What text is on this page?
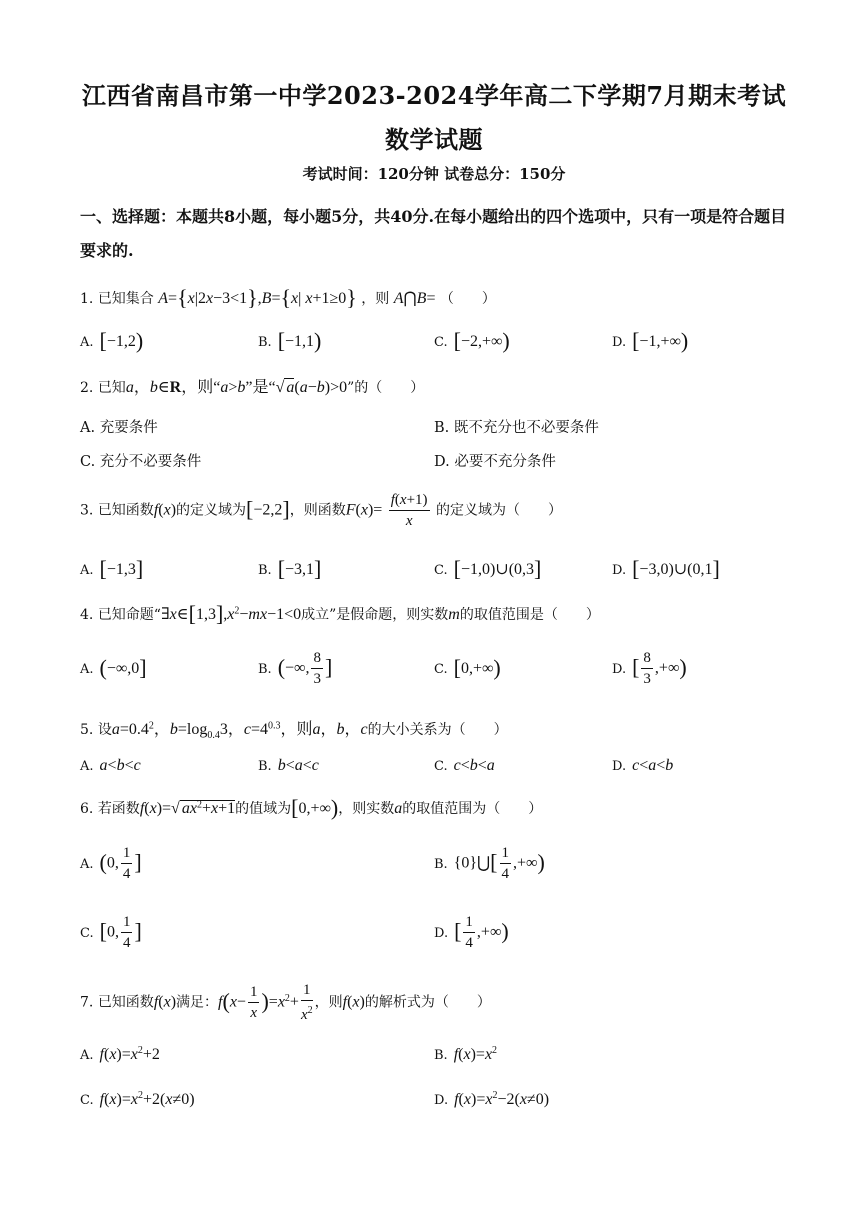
江西省南昌市第一中学2023-2024学年高二下学期7月期末考试
数学试题
考试时间：120分钟 试卷总分：150分
一、选择题：本题共8小题，每小题5分，共40分.在每小题给出的四个选项中，只有一项是符合题目要求的.
1. 已知集合 A={x|2x−3<1},B={x| x+1≥0} ，则 A⋂B= （　　）
A. [−1,2)	B. [−1,1)	C. [−2,+∞)	D. [−1,+∞)
2. 已知a，b∈R，则“a>b”是“√ a(a−b)>0”的（　　）
A. 充要条件	B. 既不充分也不必要条件
C. 充分不必要条件	D. 必要不充分条件
3. 已知函数f(x)的定义域为[−2,2]，则函数$F(x)= \frac{f(x+1)}{x}$ 的定义域为（　　）
A. [−1,3]	B. [−3,1]	C. [−1,0)∪(0,3]	D. [−3,0)∪(0,1]
4. 已知命题“$\exists x\in[1,3],x^2-mx-1<0$成立”是假命题，则实数m的取值范围是（　　）
A. (−∞,0]	B. (−∞, $\frac{8}{3}$ ]	C. [0,+∞)	D. [ $\frac{8}{3}$ ,+∞)
5. 设$a=0.4^2$，$b=\log_{0.4}3$，$c=4^{0.3}$，则a，b，c的大小关系为（　　）
A. a<b<c	B. b<a<c	C. c<b<a	D. c<a<b
6. 若函数f(x)=√ $ax^2+x+1$的值域为[0,+∞)，则实数a的取值范围为（　　）
A. (0, $\frac{1}{4}$ ]	B. {0}⋃[ $\frac{1}{4}$ ,+∞)
C. [0, $\frac{1}{4}$ ]	D. [ $\frac{1}{4}$ ,+∞)
7. 已知函数f(x)满足：$f(x- \frac{1}{x} )=x^2+ \frac{1}{x^2}$ ，则f(x)的解析式为（　　）
A. $f(x)=x^2+2$	B. $f(x)=x^2$
C. $f(x)=x^2+2(x\ne 0)$	D. $f(x)=x^2-2(x\ne 0)$
